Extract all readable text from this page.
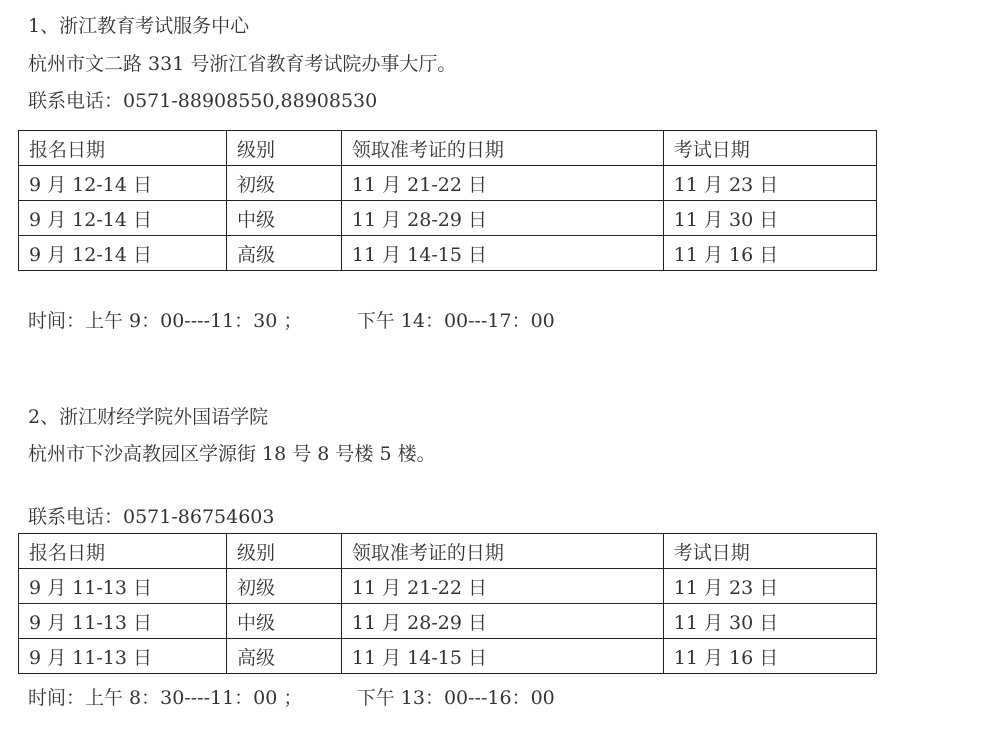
1、浙江教育考试服务中心
杭州市文二路 331 号浙江省教育考试院办事大厅。
联系电话：0571-88908550,88908530
报名日期	级别	领取准考证的日期	考试日期
9 月 12-14 日	初级	11 月 21-22 日	11 月 23 日
9 月 12-14 日	中级	11 月 28-29 日	11 月 30 日
9 月 12-14 日	高级	11 月 14-15 日	11 月 16 日
时间：上午 9：00----11：30 ；         下午 14：00---17：00
2、浙江财经学院外国语学院
杭州市下沙高教园区学源街 18 号 8 号楼 5 楼。
联系电话：0571-86754603
报名日期	级别	领取准考证的日期	考试日期
9 月 11-13 日	初级	11 月 21-22 日	11 月 23 日
9 月 11-13 日	中级	11 月 28-29 日	11 月 30 日
9 月 11-13 日	高级	11 月 14-15 日	11 月 16 日
时间：上午 8：30----11：00 ；         下午 13：00---16：00
